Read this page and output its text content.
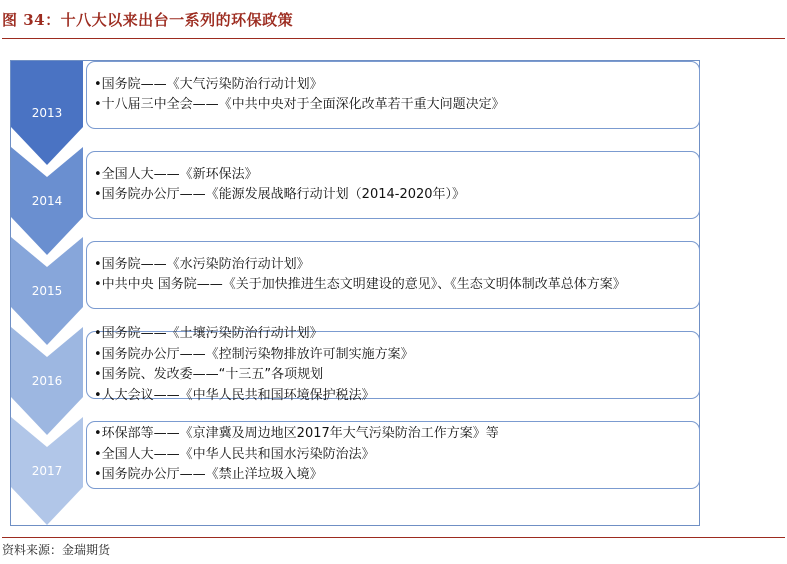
图 34：十八大以来出台一系列的环保政策
2013
•国务院——《大气污染防治行动计划》
•十八届三中全会——《中共中央对于全面深化改革若干重大问题决定》
2014
•全国人大——《新环保法》
•国务院办公厅——《能源发展战略行动计划（2014-2020年）》
2015
•国务院——《水污染防治行动计划》
•中共中央 国务院——《关于加快推进生态文明建设的意见》、《生态文明体制改革总体方案》
2016
•国务院——《土壤污染防治行动计划》
•国务院办公厅——《控制污染物排放许可制实施方案》
•国务院、发改委——“十三五”各项规划
•人大会议——《中华人民共和国环境保护税法》
2017
•环保部等——《京津冀及周边地区2017年大气污染防治工作方案》等
•全国人大——《中华人民共和国水污染防治法》
•国务院办公厅——《禁止洋垃圾入境》
资料来源：金瑞期货
